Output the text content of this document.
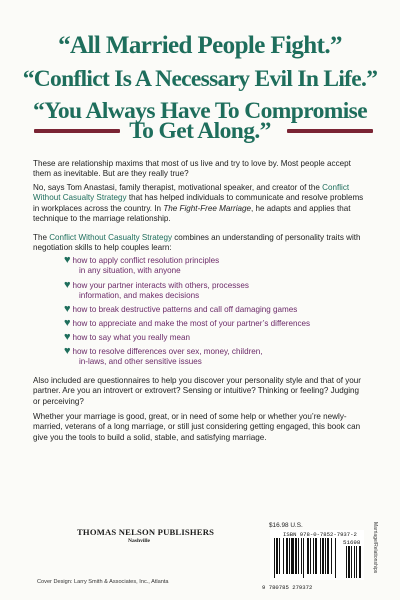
“All Married People Fight.”
“Conflict Is A Necessary Evil In Life.”
“You Always Have To Compromise
To Get Along.”

These are relationship maxims that most of us live and try to love by. Most people accept them as inevitable. But are they really true?

No, says Tom Anastasi, family therapist, motivational speaker, and creator of the Conflict Without Casualty Strategy that has helped individuals to communicate and resolve problems in workplaces across the country. In The Fight-Free Marriage, he adapts and applies that technique to the marriage relationship.

The Conflict Without Casualty Strategy combines an understanding of personality traits with negotiation skills to help couples learn:

♥ how to apply conflict resolution principles
in any situation, with anyone
♥ how your partner interacts with others, processes
information, and makes decisions
♥ how to break destructive patterns and call off damaging games
♥ how to appreciate and make the most of your partner’s differences
♥ how to say what you really mean
♥ how to resolve differences over sex, money, children,
in-laws, and other sensitive issues

Also included are questionnaires to help you discover your personality style and that of your partner. Are you an introvert or extrovert? Sensing or intuitive? Thinking or feeling? Judging or perceiving?

Whether your marriage is good, great, or in need of some help or whether you’re newly-married, veterans of a long marriage, or still just considering getting engaged, this book can give you the tools to build a solid, stable, and satisfying marriage.

$16.98 U.S.
ISBN 978-0-7852-7937-2
51698
9 780785 279372
Marriage/Relationships
THOMAS NELSON PUBLISHERS
Nashville
Cover Design: Larry Smith & Associates, Inc., Atlanta
